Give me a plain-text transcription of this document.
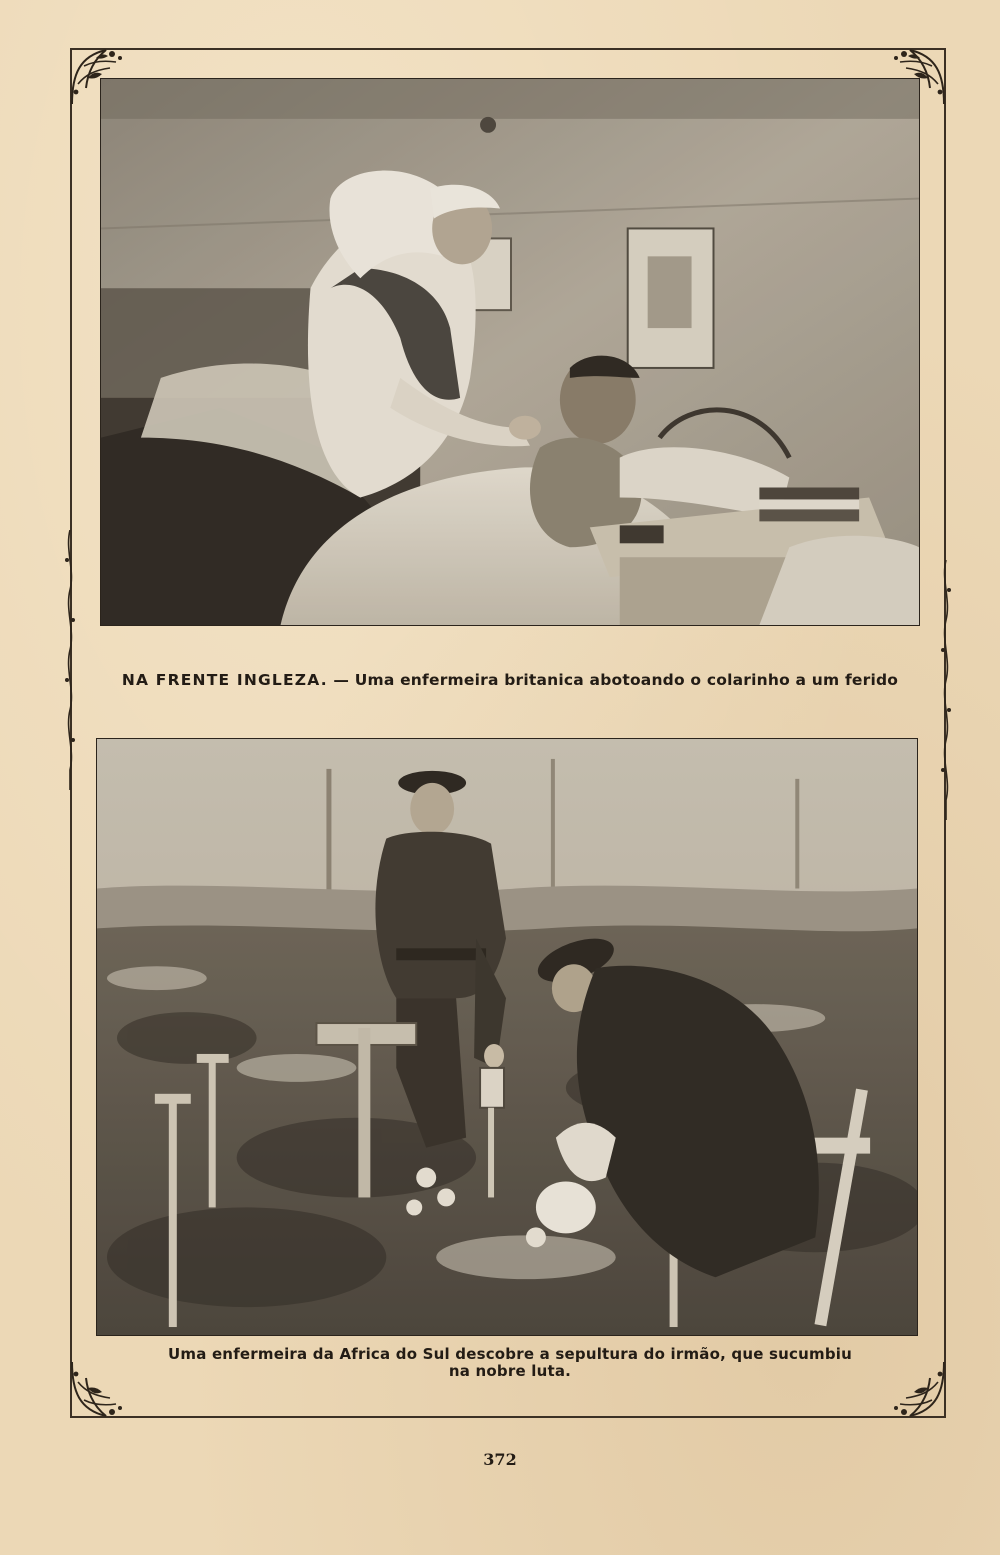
NA FRENTE INGLEZA. — Uma enfermeira britanica abotoando o colarinho a um ferido
Uma enfermeira da Africa do Sul descobre a sepultura do irmão, que sucumbiu
na nobre luta.
372
